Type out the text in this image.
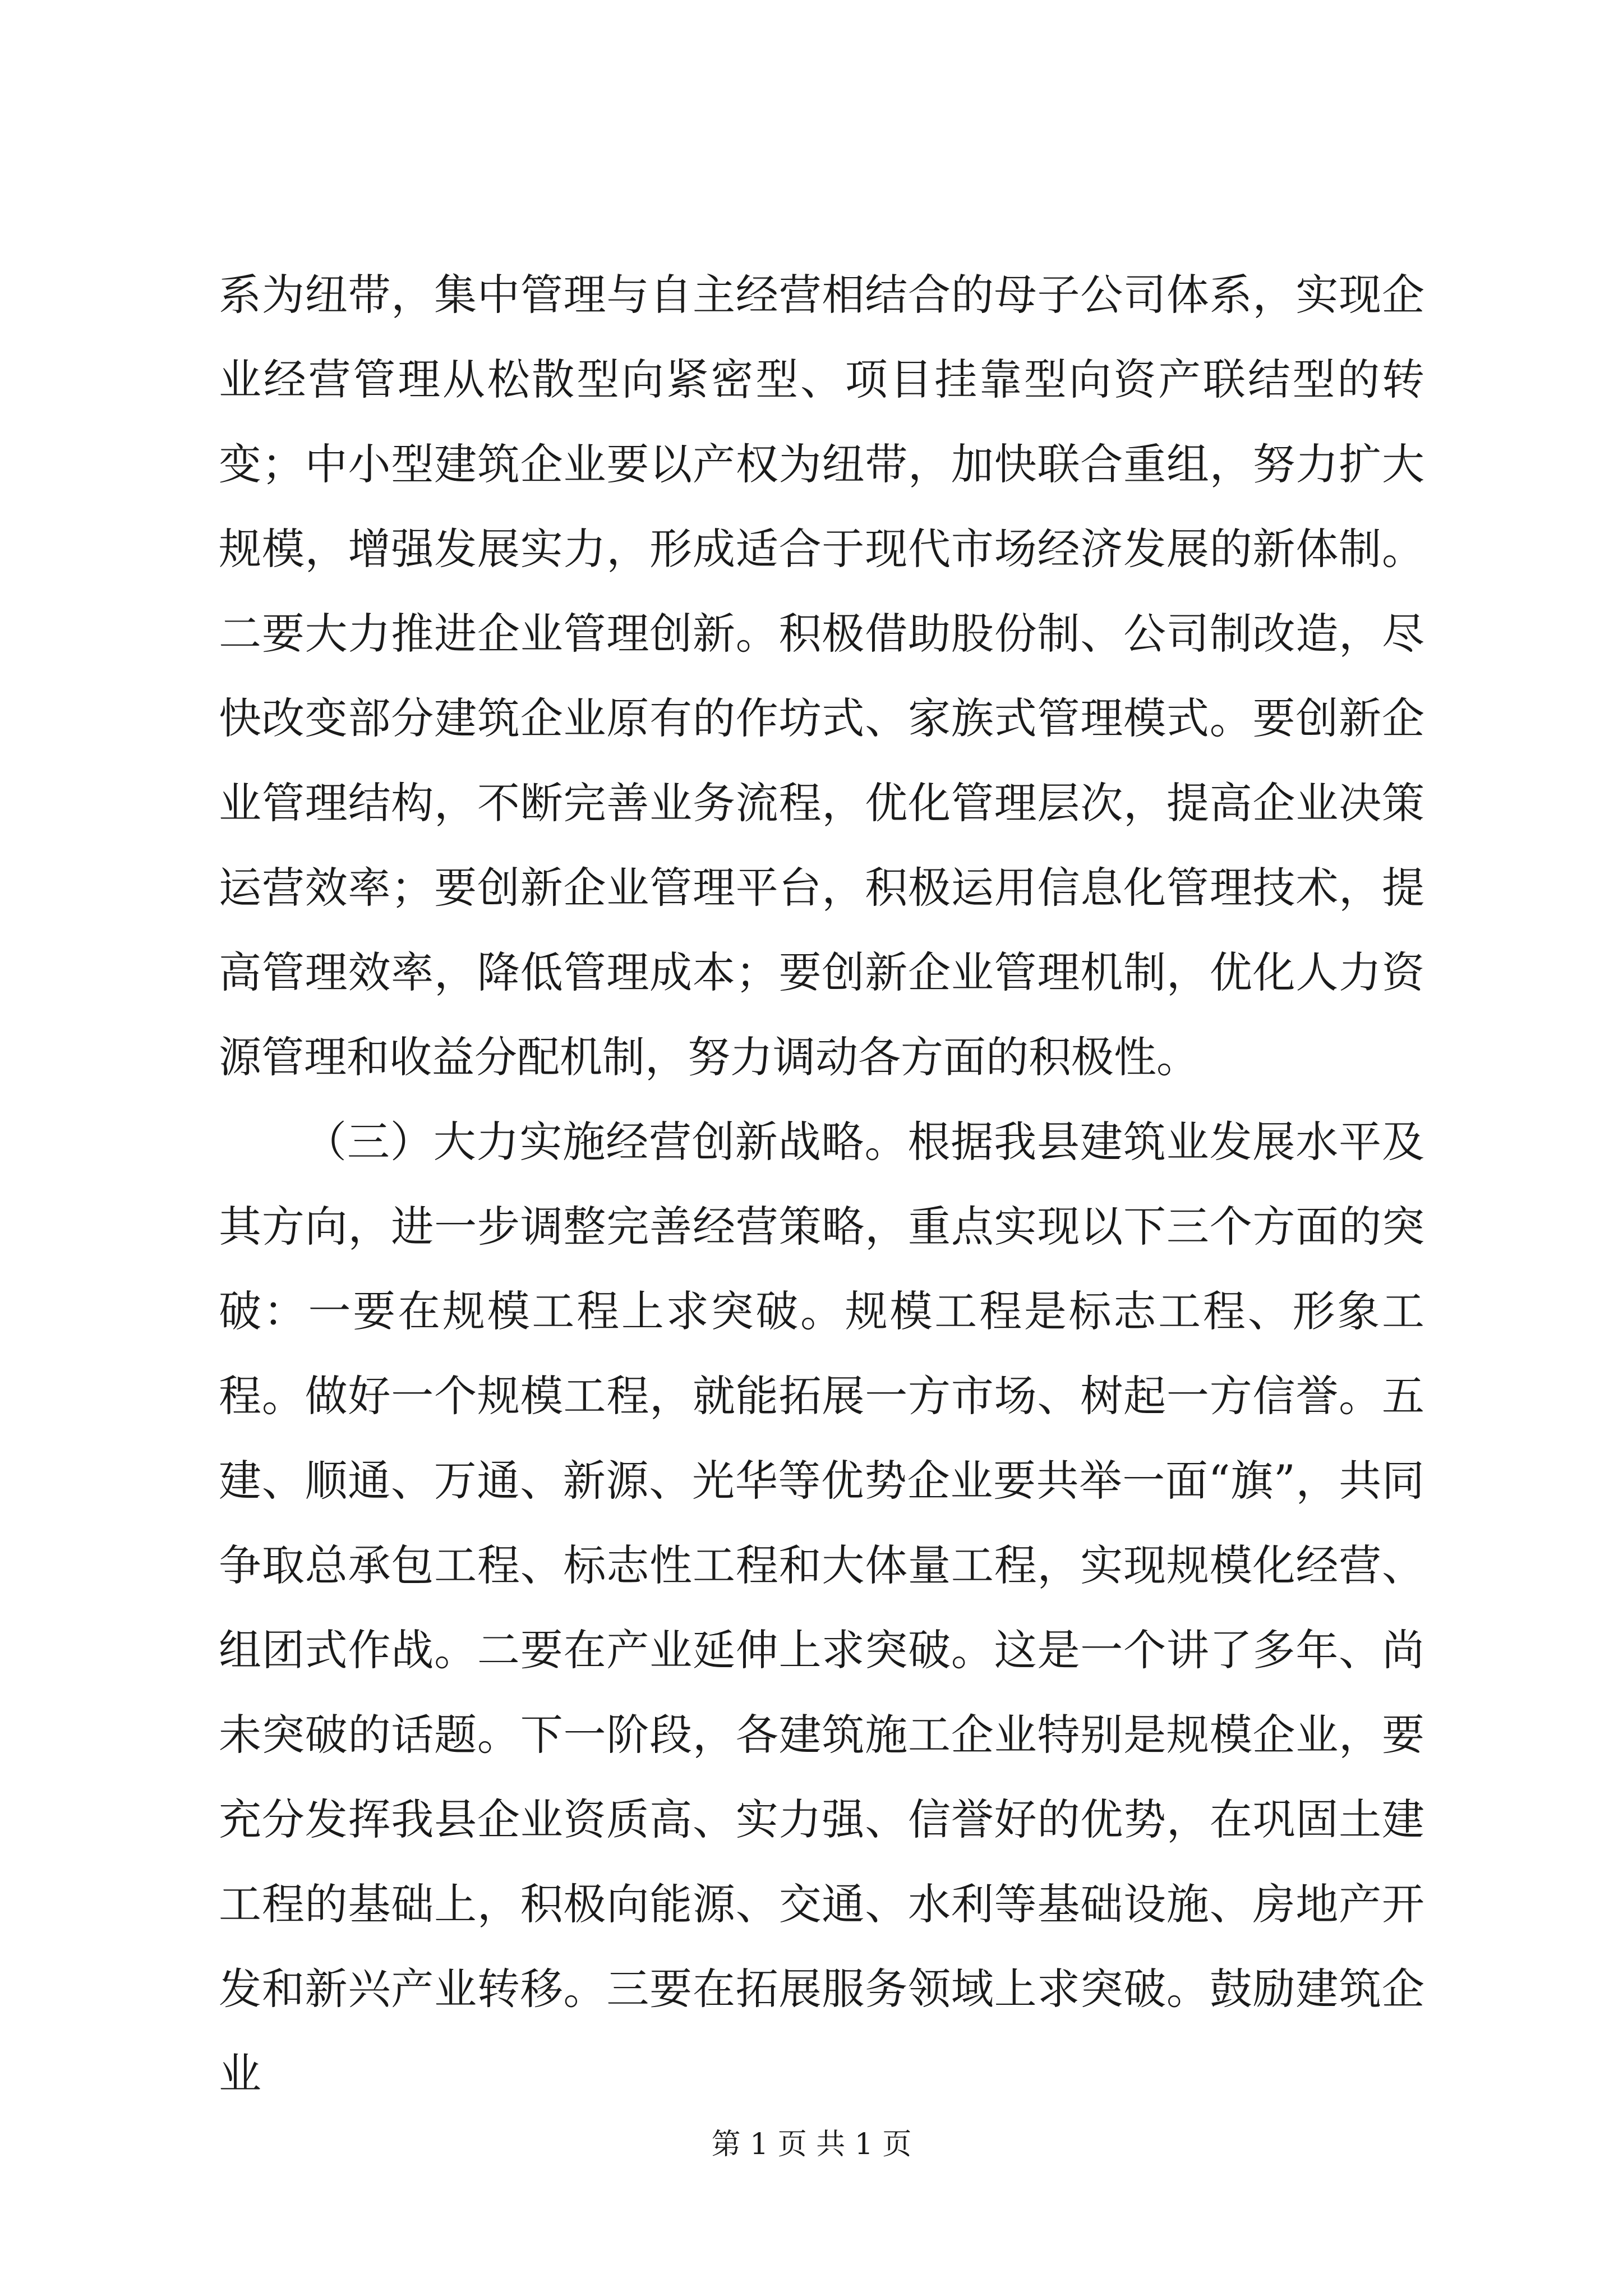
系为纽带，集中管理与自主经营相结合的母子公司体系，实现企业经营管理从松散型向紧密型、项目挂靠型向资产联结型的转变；中小型建筑企业要以产权为纽带，加快联合重组，努力扩大规模，增强发展实力，形成适合于现代市场经济发展的新体制。二要大力推进企业管理创新。积极借助股份制、公司制改造，尽快改变部分建筑企业原有的作坊式、家族式管理模式。要创新企业管理结构，不断完善业务流程，优化管理层次，提高企业决策运营效率；要创新企业管理平台，积极运用信息化管理技术，提高管理效率，降低管理成本；要创新企业管理机制，优化人力资源管理和收益分配机制，努力调动各方面的积极性。

（三）大力实施经营创新战略。根据我县建筑业发展水平及其方向，进一步调整完善经营策略，重点实现以下三个方面的突破：一要在规模工程上求突破。规模工程是标志工程、形象工程。做好一个规模工程，就能拓展一方市场、树起一方信誉。五建、顺通、万通、新源、光华等优势企业要共举一面“旗”，共同争取总承包工程、标志性工程和大体量工程，实现规模化经营、组团式作战。二要在产业延伸上求突破。这是一个讲了多年、尚未突破的话题。下一阶段，各建筑施工企业特别是规模企业，要充分发挥我县企业资质高、实力强、信誉好的优势，在巩固土建工程的基础上，积极向能源、交通、水利等基础设施、房地产开发和新兴产业转移。三要在拓展服务领域上求突破。鼓励建筑企业

第 1 页 共 1 页
